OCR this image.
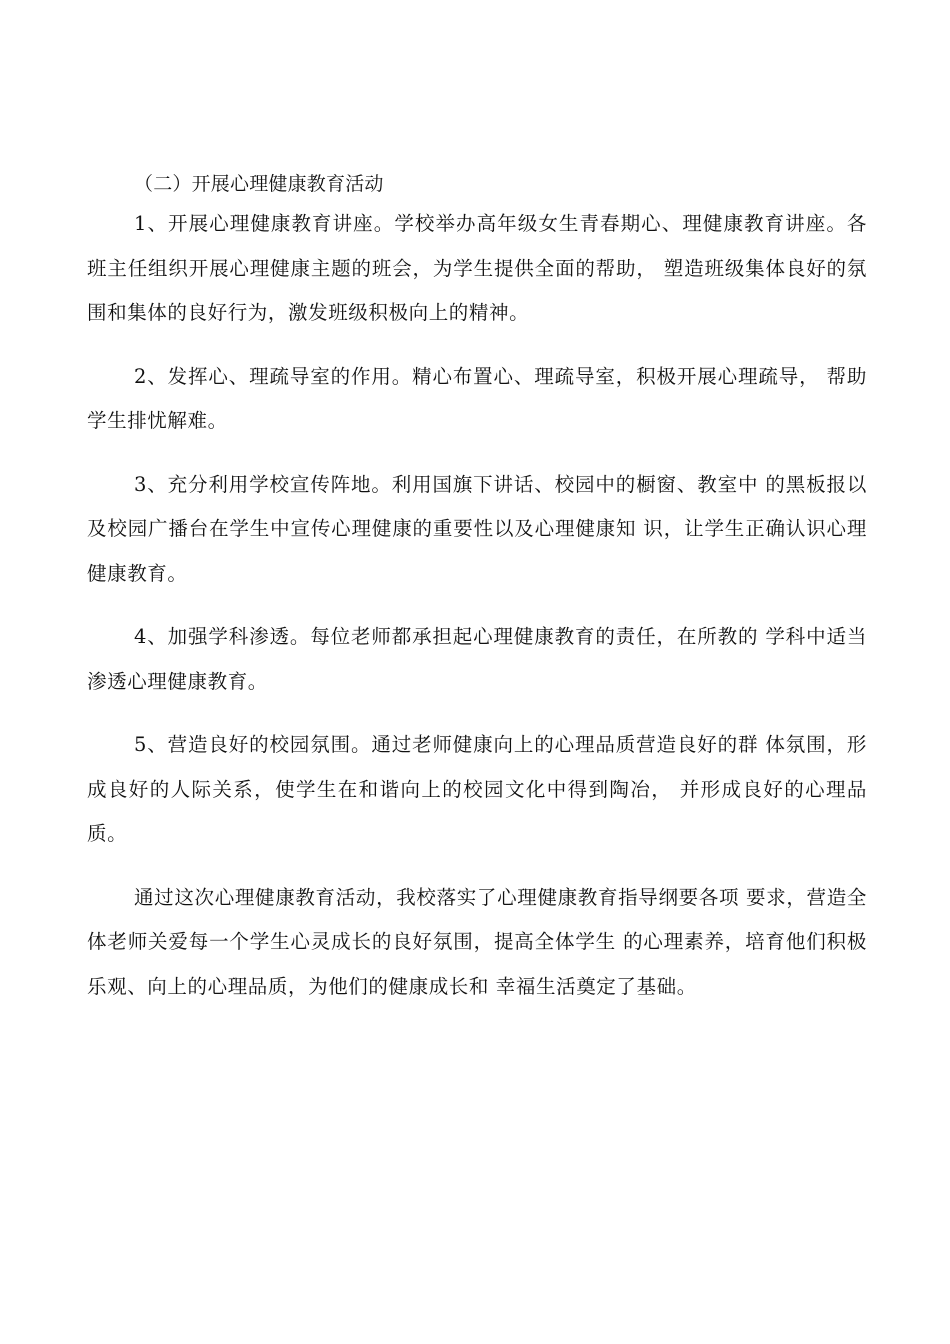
（二）开展心理健康教育活动

1、开展心理健康教育讲座。学校举办高年级女生青春期心、理健康教育讲座。各班主任组织开展心理健康主题的班会，为学生提供全面的帮助， 塑造班级集体良好的氛围和集体的良好行为，激发班级积极向上的精神。

2、发挥心、理疏导室的作用。精心布置心、理疏导室，积极开展心理疏导， 帮助学生排忧解难。

3、充分利用学校宣传阵地。利用国旗下讲话、校园中的橱窗、教室中 的黑板报以及校园广播台在学生中宣传心理健康的重要性以及心理健康知 识，让学生正确认识心理健康教育。

4、加强学科渗透。每位老师都承担起心理健康教育的责任，在所教的 学科中适当渗透心理健康教育。

5、营造良好的校园氛围。通过老师健康向上的心理品质营造良好的群 体氛围，形成良好的人际关系，使学生在和谐向上的校园文化中得到陶冶， 并形成良好的心理品质。

通过这次心理健康教育活动，我校落实了心理健康教育指导纲要各项 要求，营造全体老师关爱每一个学生心灵成长的良好氛围，提高全体学生 的心理素养，培育他们积极乐观、向上的心理品质，为他们的健康成长和 幸福生活奠定了基础。
